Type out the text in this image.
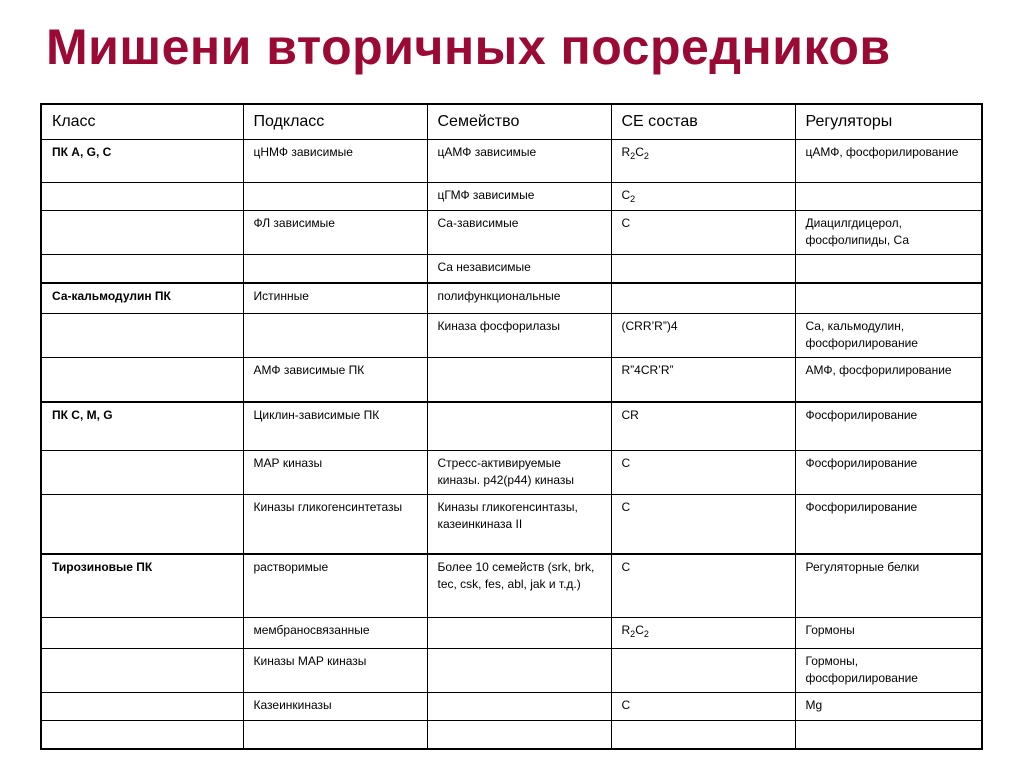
Мишени вторичных посредников
Класс	Подкласс	Семейство	СЕ состав	Регуляторы
ПК А, G, С	цНМФ зависимые	цАМФ зависимые	$R_2C_2$	цАМФ, фосфорилирование
		цГМФ зависимые	$C_2$	
	ФЛ зависимые	Са-зависимые	С	Диацилгдицерол, фосфолипиды, Са
		Са независимые		
Са-кальмодулин ПК	Истинные	полифункциональные		
		Киназа фосфорилазы	(CRR’R”)4	Са, кальмодулин, фосфорилирование
	АМФ зависимые ПК		R”4CR’R”	АМФ, фосфорилирование
ПК С, М, G	Циклин-зависимые ПК		CR	Фосфорилирование
	МАР киназы	Стресс-активируемые киназы. р42(р44) киназы	С	Фосфорилирование
	Киназы гликогенсинтетазы	Киназы гликогенсинтазы, казеинкиназа II	С	Фосфорилирование
Тирозиновые ПК	растворимые	Более 10 семейств (srk, brk, tec, csk, fes, abl, jak и т.д.)	С	Регуляторные белки
	мембраносвязанные		$R_2C_2$	Гормоны
	Киназы МАР киназы			Гормоны, фосфорилирование
	Казеинкиназы		С	Mg
